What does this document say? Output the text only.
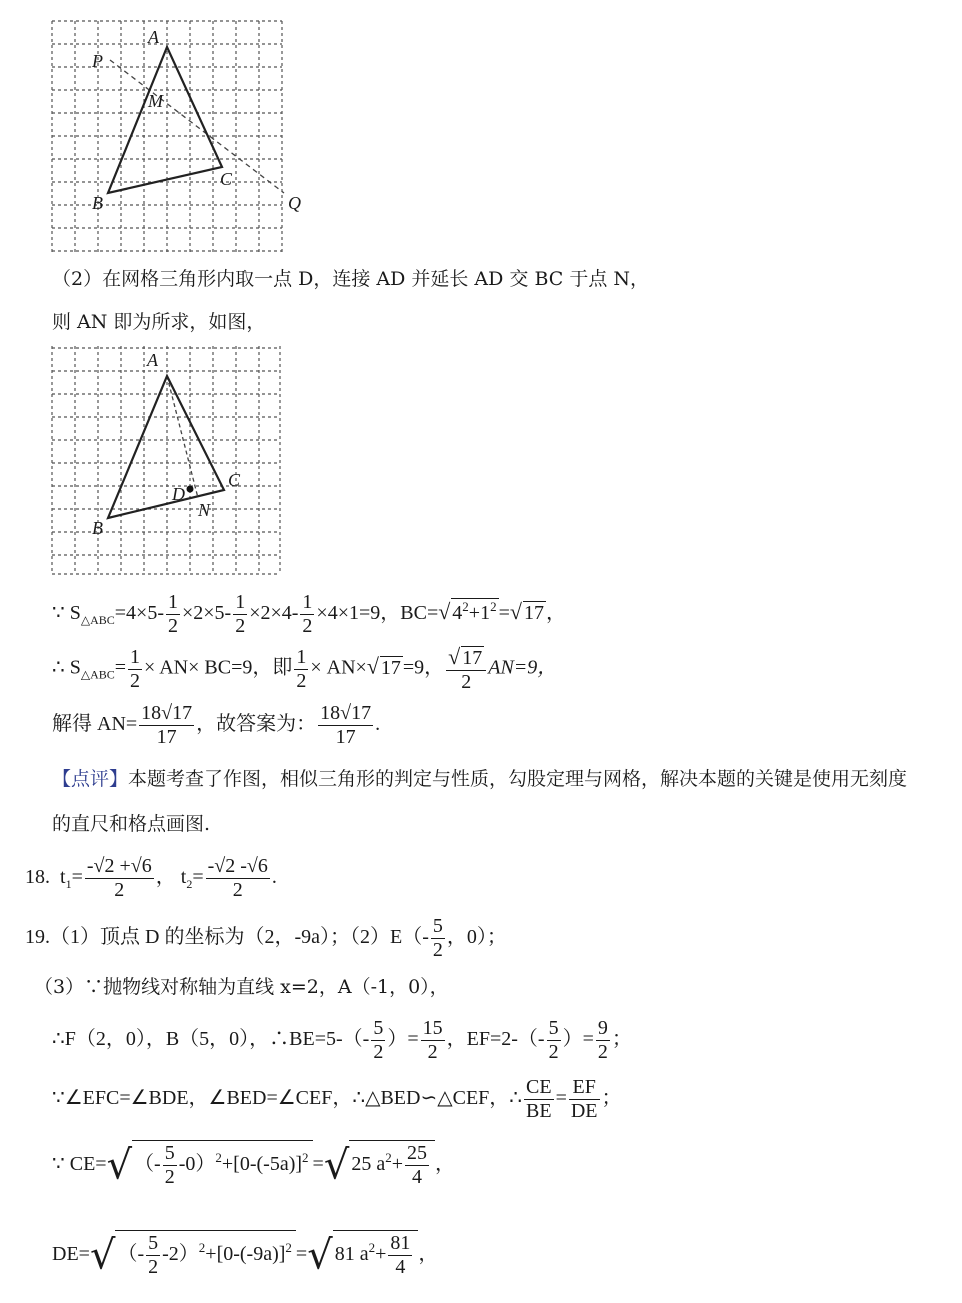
A
P
M
C
B	Q
（2）在网格三角形内取一点 D，连接 AD 并延长 AD 交 BC 于点 N，
则 AN 即为所求，如图，
A
C
D
B
N
∵ $S_{\triangle ABC}=4\times 5- \frac{1}{2} \times 2\times 5- \frac{1}{2} \times 2\times 4- \frac{1}{2} \times 4\times 1=9$，BC=√ $4^2+1^2$ =√ 17 ，
∴ $S_{\triangle ABC}= \frac{1}{2} \times AN\times BC=9$，即 $\frac{1}{2} \times AN\times√$ 17 =9， $\frac{√ 17}{2} AN=9$，
解得 $AN= \frac{18√17}{17}$ ，故答案为： $\frac{18√17}{17}$ .
【点评】本题考查了作图，相似三角形的判定与性质，勾股定理与网格，解决本题的关键是使用无刻度
的直尺和格点画图.
18. $t_1= \frac{-√2 +√6}{2}$ ， $t_2= \frac{-√2 -√6}{2}$ .
19.（1）顶点 D 的坐标为（2，-9a）；$(2)E(- \frac{5}{2}$ ，0）；
（3）∵抛物线对称轴为直线 x=2，A（-1，0），
∴F（2，0），B（5，0），∴BE=5-（- $\frac{5}{2}$ ）= $\frac{15}{2}$ ，$EF=2-(- \frac{5}{2}$ ）= $\frac{9}{2}$ ；
∵∠EFC=∠BDE，∠BED=∠CEF，∴△BED∽△CEF，∴ $\frac{CE}{BE} = \frac{EF}{DE}$ ；
∵ CE=√ （- $\frac{5}{2} -0)^2+[0-(-5a)]^2$ =√ 25 $a^2+ \frac{25}{4}$ ，
DE=√ （- $\frac{5}{2} -2)^2+[0-(-9a)]^2$ =√ 81 $a^2+ \frac{81}{4}$ ，
